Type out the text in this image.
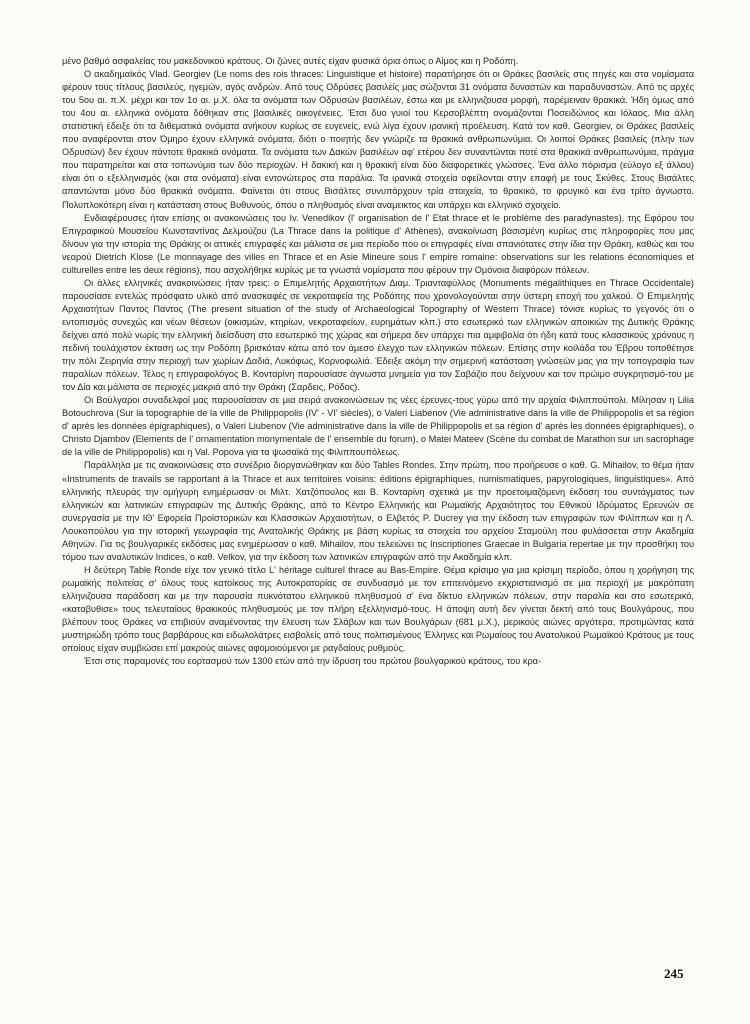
μένο βαθμό ασφαλείας του μακεδονικού κράτους. Οι ζώνες αυτές είχαν φυσικά όρια όπως ο Αίμος και η Ροδόπη.

Ο ακαδημαϊκός Vlad. Georgiev (Le noms des rois thraces: Linguistique et histoire) παρατήρησε ότι οι Θράκες βασιλείς στις πηγές και στα νομίσματα φέρουν τους τίτλους βασιλεύς, ηγεμών, αγός ανδρών. Από τους Οδρύσες βασιλείς μας σώζονται 31 ονόματα δυναστών και παραδυναστών. Από τις αρχές του 5ου αι. π.Χ. μέχρι και τον 1ο αι. μ.Χ. όλα τα ονόματα των Οδρυσών βασιλέων, έστω και με ελληνιζουσα μορφή, παρέμειναν θρακικά. Ήδη όμως από του 4ου αι. ελληνικά ονόματα δόθηκαν στις βασιλικές οικογένειες. Έτσι δυο γυιοί του Κερσοβλέπτη ονομάζονται Ποσειδώνιος και Ιόλαος. Μια άλλη στατιστική έδειξε ότι τα διθεματικά ονόματα ανήκουν κυρίως σε ευγενείς, ενώ λίγα έχουν ιρανική προέλευση. Κατά τον καθ. Georgiev, οι Θράκες βασιλείς που αναφέρονται στον Όμηρο έχουν ελληνικά ονόματα, διότι ο ποιητής δεν γνώριζε τα θρακικά ανθρωπωνύμια. Οι λοιποί Θράκες βασιλείς (πλην των Οδρυσών) δεν έχουν πάντοτε θρακικά ονόματα. Τα ονόματα των Δακών βασιλέων αφ' ετέρου δεν συναντώνται ποτέ στα θρακικά ανθρωπωνύμια, πράγμα που παρατηρείται και στα τοπωνύμια των δύο περιοχών. Η δακική και η θρακική είναι δύο διαφορετικές γλώσσες. Ένα άλλο πόρισμα (εύλογο εξ άλλου) είναι ότι ο εξελληνισμός (και στα ονόματα) είναι εντονώτερος στα παράλια. Τα ιρανικά στοιχεία οφείλονται στην επαφή με τους Σκύθες. Στους Βισάλτες απαντώνται μόνο δύο θρακικά ονόματα. Φαίνεται ότι στους Βισάλτες συνυπάρχουν τρία στοιχεία, το θρακικό, το φρυγικό και ένα τρίτο άγνωστο. Πολυπλοκότερη είναι η κατάσταση στους Βυθυνούς, όπου ο πληθυσμός είναι αναμεικτος και υπάρχει και ελληνικό σχοιχείο.

Ενδιαφέρουσες ήταν επίσης οι ανακοινώσεις του Iv. Venedikov (l' organisation de l' Etat thrace et le problème des paradynastes), της Εφόρου του Επιγραφικού Μουσείου Κωνσταντίνας Δελμούζου (La Thrace dans la politique d' Athènes), ανακοίνωση βασισμένη κυρίως στις πληροφορίες που μας δίνουν για την ιστορία της Θράκης οι αττικές επιγραφές και μάλιστα σε μια περίοδο που οι επιγραφές είναι σπανιότατες στην ίδια την Θράκη, καθώς και του νεαρού Dietrich Klose (Le monnayage des villes en Thrace et en Asie Mineure sous l' empire romaine: observations sur les relations économiques et culturelles entre les deux régions), που ασχολήθηκε κυρίως με τα γνωστά νομίσματα που φέρουν την Ομόνοια διαφόρων πόλεων.

Οι άλλες ελληνικές ανακοινώσεις ήταν τρεις: ο Επιμελητής Αρχαιοτήτων Διαμ. Τριανταφύλλος (Monuments mégalithiques en Thrace Occidentale) παρουσίασε εντελώς πρόσφατο υλικό από ανασκαφές σε νεκροταφεία της Ροδόπης που χρονολογούνται στην ύστερη εποχή του χαλκού. Ο Επιμελητής Αρχαιοτήτων Παντος Παντος (The present situation of the study of Archaeological Topography of Western Thrace) τόνισε κυρίως το γεγονός ότι ο εντοπισμός συνεχώς και νέων θέσεων (οικισμών, κτηρίων, νεκροταφείων, ευρημάτων κλπ.) στο εσωτερικό των ελληνικών αποικιών της Δυτικής Θράκης δείχνει από πολύ νωρίς την ελληνική διείσδυση στο εσωτερικό της χώρας και σήμερα δεν υπάρχει πια αμφιβολία ότι ήδη κατά τους κλασσικούς χρόνους η πεδινή τουλάχιστον έκταση ως την Ροδόπη βρισκόταν κάτω από τον άμεσο έλεγχο των ελληνικών πόλεων. Επίσης στην κοιλάδα του Έβρου τοποθέτησε την πόλι Ζειρηνία στην περιοχή των χωρίων Δαδιά, Λυκόφως, Κορνοφωλιά. Έδειξε ακόμη την σημερινή κατάσταση γνώσεών μας για την τοπογραφία των παραλίων πόλεων. Τέλος η επιγραφολόγος Β. Κονταρίνη παρουσίασε άγνωστα μνημεία για τον Σαβάζιο που δείχνουν και τον πρώιμο συγκρητισμό-του με τον Δία και μάλιστα σε περιοχές μακριά από την Θράκη (Σαρδεις, Ρόδος).

Οι Βούλγαροι συναδελφοί μας παρουσίασαν σε μια σειρά ανακοινώσεων τις νέες έρευνες-τους γύρω από την αρχαία Φιλιππούπολι. Μίλησαν η Lilia Botouchrova (Sur la topographie de la ville de Philippopolis (IV' - VI' siècles), ο Valeri Liabenov (Vie administrative dans la ville de Philippopolis et sa région d' après les données épigraphiques), ο Valeri Liubenov (Vie administrative dans la ville de Philippopolis et sa région d' après les données épigraphiques), ο Christo Djambov (Elements de l' ornamentation monymentale de l' ensemble du forum), ο Matei Mateev (Scène du combat de Marathon sur un sacrophage de la ville de Philippopolis) και η Val. Popova για τα ψωσαϊκά της Φιλιππουπόλεως.

Παράλληλα με τις ανακοινώσεις στο συνέδριο διοργανώθηκαν και δύο Tables Rondes. Στην πρώτη, που πρoήρευσε ο καθ. G. Mihailov, το θέμα ήταν «Instruments de travails se rapportant à la Thrace et aux territoires voisins: éditions épigraphiques, numismatiques, papyrologiques, linguistiques». Από ελληνικής πλευράς την ομήγυρη ενημέρωσαν οι Μιλτ. Χατζόπουλος και Β. Κονταρίνη σχετικά με την προετοιμαζόμενη έκδοση του συντάγματος των ελληνικών και λατινικών επιγραφών της Δυτικής Θράκης, από το Κέντρο Ελληνικής και Ρωμαϊκής Αρχαιότητος του Εθνικού Ιδρύματος Ερευνών σε συνεργασία με την ΙΘ' Εφορεία Προϊστορικών και Κλασσικών Αρχαιοτήτων, ο Ελβετός Ρ. Ducrey για την έκδοση των επιγραφών των Φιλίππων και η Λ. Λουκοπούλου για την ιστορική γεωγραφία της Ανατολικής Θράκης με βάση κυρίως τα στοιχεία του αρχείου Σταμούλη που φυλάσσεται στην Ακαδημία Αθηνών. Για τις βουλγαρικές εκδόσεις μας ενημέρωσαν ο καθ. Mihailov, που τελειώνει τις Inscriptiones Graecae in Bulgaria repertae με την προσθήκη του τόμου των αναλυτικών Indices, ο καθ. Velkov, για την έκδοση των λατινικών επιγραφών από την Ακαδημία κλπ.

Η δεύτερη Table Ronde είχε τον γενικό τίτλο L' héritage culturel thrace au Bas-Empire. Θέμα κρίσιμο για μια κρίσιμη περίοδο, όπου η χορήγηση της ρωμαϊκής πολιτείας σ' όλους τους κατοίκους της Αυτοκρατορίας σε συνδυασμό με τον επιτεινόμενο εκχριστιανισμό σε μια περιοχή με μακρόπατη ελληνιζουσα παράδοση και με την παρουσία πυκνότατου ελληνικού πληθυσμού σ' ένα δίκτυο ελληνικών πόλεων, στην παραλία και στο εσωτερικό, «καταβυθισε» τους τελευταίους θρακικούς πληθυσμούς με τον πλήρη εξελληνισμό-τους. Η άποψη αυτή δεν γίνεται δεκτή από τους Βουλγάρους, που βλέπουν τους Θράκες να επιβιούν αναμένοντας την έλευση των Σλάβων και των Βουλγάρων (681 μ.Χ.), μερικούς αιώνες αργότερα, προτιμώντας κατά μυστηριώδη τρόπο τους βαρβάρους και ειδωλολάτρες εισβολείς από τους πολιτισμένους Έλληνες και Ρωμαίους του Ανατολικού Ρωμαϊκού Κράτους με τους οποίους είχαν συμβιώσει επί μακρούς αιώνες αφομοιούμενοι με ραγδαίους ρυθμούς.

Έτσι στις παραμονές του εορτασμού των 1300 ετών από την ίδρυση του πρώτου βουλγαρικού κράτους, του κρα-

245
